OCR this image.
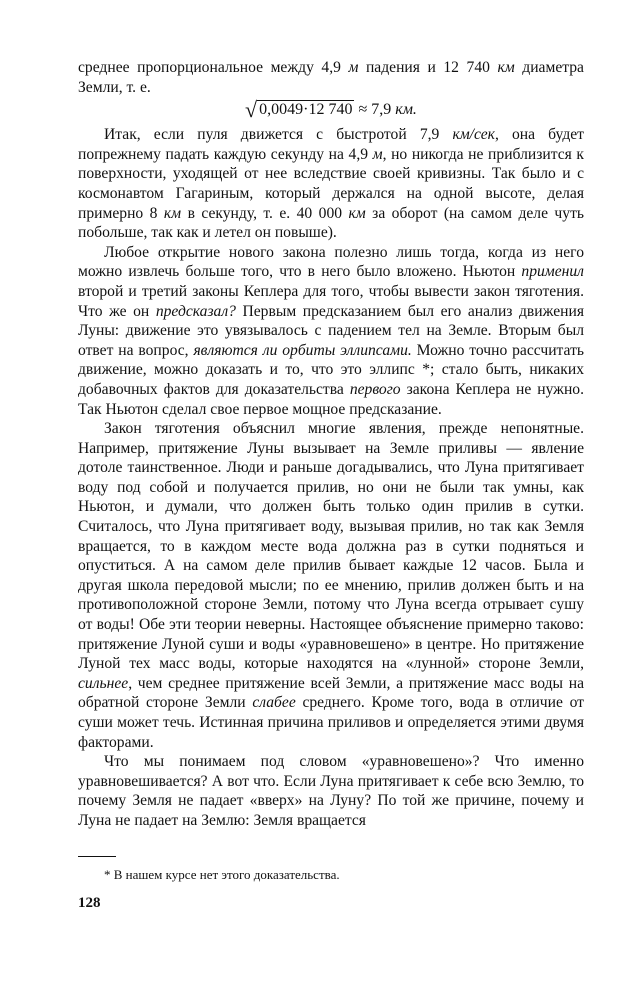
среднее пропорциональное между 4,9 м падения и 12 740 км диаметра Земли, т. е.

√ 0,0049·12 740 ≈ 7,9 км.

Итак, если пуля движется с быстротой 7,9 км/сек, она будет попрежнему падать каждую секунду на 4,9 м, но никогда не приблизится к поверхности, уходящей от нее вследствие своей кривизны. Так было и с космонавтом Гагариным, который держался на одной высоте, делая примерно 8 км в секунду, т. е. 40 000 км за оборот (на самом деле чуть побольше, так как и летел он повыше).

Любое открытие нового закона полезно лишь тогда, когда из него можно извлечь больше того, что в него было вложено. Ньютон применил второй и третий законы Кеплера для того, чтобы вывести закон тяготения. Что же он предсказал? Первым предсказанием был его анализ движения Луны: движение это увязывалось с падением тел на Земле. Вторым был ответ на вопрос, являются ли орбиты эллипсами. Можно точно рассчитать движение, можно доказать и то, что это эллипс *; стало быть, никаких добавочных фактов для доказательства первого закона Кеплера не нужно. Так Ньютон сделал свое первое мощное предсказание.

Закон тяготения объяснил многие явления, прежде непонятные. Например, притяжение Луны вызывает на Земле приливы — явление дотоле таинственное. Люди и раньше догадывались, что Луна притягивает воду под собой и получается прилив, но они не были так умны, как Ньютон, и думали, что должен быть только один прилив в сутки. Считалось, что Луна притягивает воду, вызывая прилив, но так как Земля вращается, то в каждом месте вода должна раз в сутки подняться и опуститься. А на самом деле прилив бывает каждые 12 часов. Была и другая школа передовой мысли; по ее мнению, прилив должен быть и на противоположной стороне Земли, потому что Луна всегда отрывает сушу от воды! Обе эти теории неверны. Настоящее объяснение примерно таково: притяжение Луной суши и воды «уравновешено» в центре. Но притяжение Луной тех масс воды, которые находятся на «лунной» стороне Земли, сильнее, чем среднее притяжение всей Земли, а притяжение масс воды на обратной стороне Земли слабее среднего. Кроме того, вода в отличие от суши может течь. Истинная причина приливов и определяется этими двумя факторами.

Что мы понимаем под словом «уравновешено»? Что именно уравновешивается? А вот что. Если Луна притягивает к себе всю Землю, то почему Земля не падает «вверх» на Луну? По той же причине, почему и Луна не падает на Землю: Земля вращается

* В нашем курсе нет этого доказательства.
128
